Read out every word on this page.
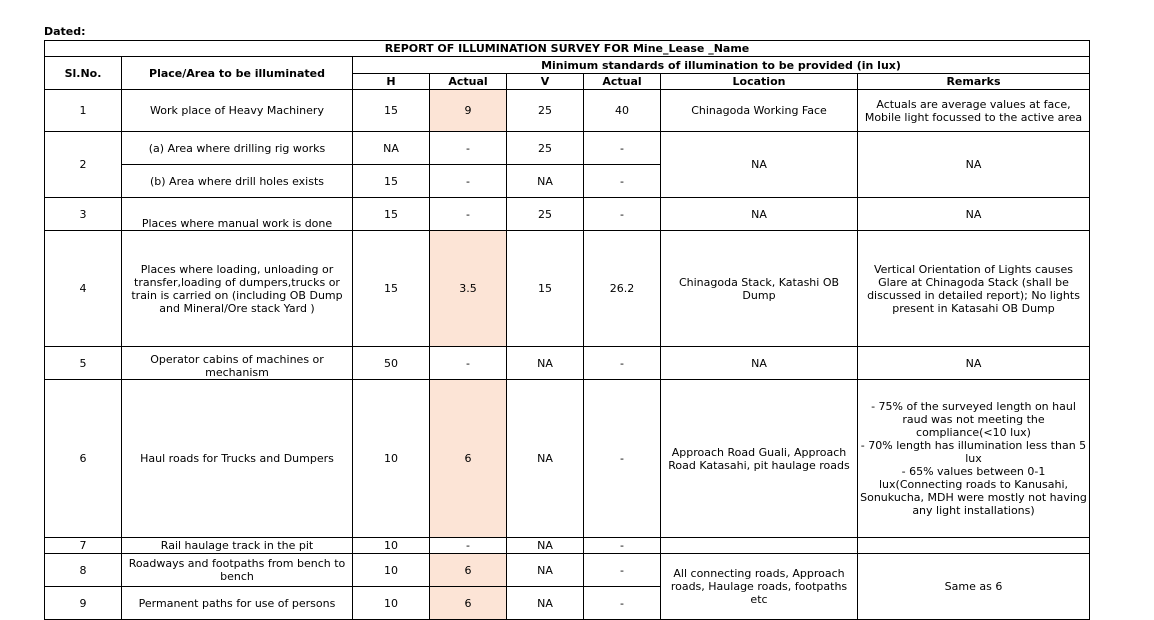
Dated:
REPORT OF ILLUMINATION SURVEY FOR Mine_Lease _Name							
Sl.No.	Place/Area to be illuminated	Minimum standards of illumination to be provided (in lux)					
		H	Actual	V	Actual	Location	Remarks
1	Work place of Heavy Machinery	15	9	25	40	Chinagoda Working Face	Actuals are average values at face, Mobile light focussed to the active area
2	(a) Area where drilling rig works	NA	-	25	-	NA	NA
	(b) Area where drill holes exists	15	-	NA	-		
3	Places where manual work is done	15	-	25	-	NA	NA
4	Places where loading, unloading or transfer,loading of dumpers,trucks or train is carried on (including OB Dump and Mineral/Ore stack Yard )	15	3.5	15	26.2	Chinagoda Stack, Katashi OB Dump	Vertical Orientation of Lights causes Glare at Chinagoda Stack (shall be discussed in detailed report); No lights present in Katasahi OB Dump
5	Operator cabins of machines or mechanism	50	-	NA	-	NA	NA
6	Haul roads for Trucks and Dumpers	10	6	NA	-	Approach Road Guali, Approach Road Katasahi, pit haulage roads	- 75% of the surveyed length on haul raud was not meeting the compliance(<10 lux)
- 70% length has illumination less than 5 lux
- 65% values between 0-1 lux(Connecting roads to Kanusahi, Sonukucha, MDH were mostly not having any light installations)

7	Rail haulage track in the pit	10	-	NA	-		
8	Roadways and footpaths from bench to bench	10	6	NA	-	All connecting roads, Approach roads, Haulage roads, footpaths etc	Same as 6
9	Permanent paths for use of persons	10	6	NA	-		
